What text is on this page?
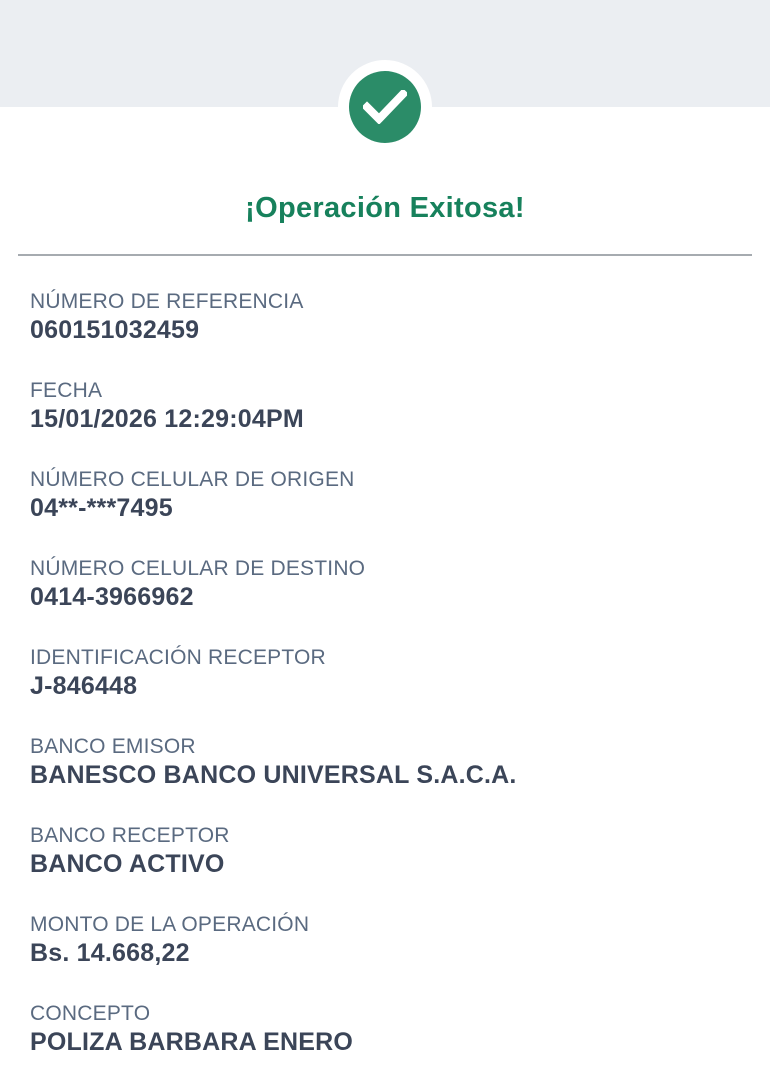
¡Operación Exitosa!
NÚMERO DE REFERENCIA
060151032459
FECHA
15/01/2026 12:29:04PM
NÚMERO CELULAR DE ORIGEN
04**-***7495
NÚMERO CELULAR DE DESTINO
0414-3966962
IDENTIFICACIÓN RECEPTOR
J-846448
BANCO EMISOR
BANESCO BANCO UNIVERSAL S.A.C.A.
BANCO RECEPTOR
BANCO ACTIVO
MONTO DE LA OPERACIÓN
Bs. 14.668,22
CONCEPTO
POLIZA BARBARA ENERO
